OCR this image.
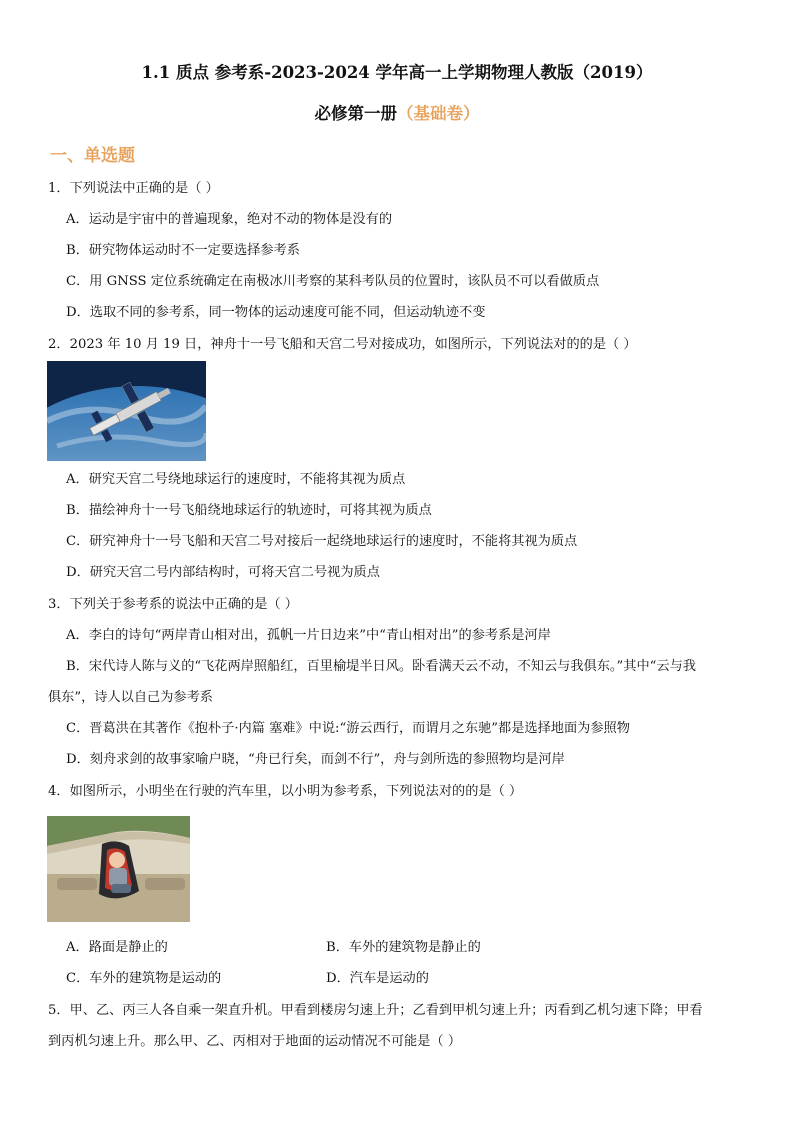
1.1 质点 参考系-2023-2024 学年高一上学期物理人教版（2019）
必修第一册（基础卷）
一、单选题
1．下列说法中正确的是（ ）
A．运动是宇宙中的普遍现象，绝对不动的物体是没有的
B．研究物体运动时不一定要选择参考系
C．用 GNSS 定位系统确定在南极冰川考察的某科考队员的位置时，该队员不可以看做质点
D．选取不同的参考系，同一物体的运动速度可能不同，但运动轨迹不变
2．2023 年 10 月 19 日，神舟十一号飞船和天宫二号对接成功，如图所示，下列说法对的的是（ ）
A．研究天宫二号绕地球运行的速度时，不能将其视为质点
B．描绘神舟十一号飞船绕地球运行的轨迹时，可将其视为质点
C．研究神舟十一号飞船和天宫二号对接后一起绕地球运行的速度时，不能将其视为质点
D．研究天宫二号内部结构时，可将天宫二号视为质点
3．下列关于参考系的说法中正确的是（ ）
A．李白的诗句“两岸青山相对出，孤帆一片日边来”中“青山相对出”的参考系是河岸
B．宋代诗人陈与义的“飞花两岸照船红，百里榆堤半日风。卧看满天云不动，不知云与我俱东。”其中“云与我
俱东”，诗人以自己为参考系
C．晋葛洪在其著作《抱朴子·内篇 塞难》中说:“游云西行，而谓月之东驰”都是选择地面为参照物
D．刻舟求剑的故事家喻户晓，“舟已行矣，而剑不行”，舟与剑所选的参照物均是河岸
4．如图所示，小明坐在行驶的汽车里，以小明为参考系，下列说法对的的是（ ）
A．路面是静止的	B．车外的建筑物是静止的
C．车外的建筑物是运动的	D．汽车是运动的
5．甲、乙、丙三人各自乘一架直升机。甲看到楼房匀速上升；乙看到甲机匀速上升；丙看到乙机匀速下降；甲看
到丙机匀速上升。那么甲、乙、丙相对于地面的运动情况不可能是（ ）
